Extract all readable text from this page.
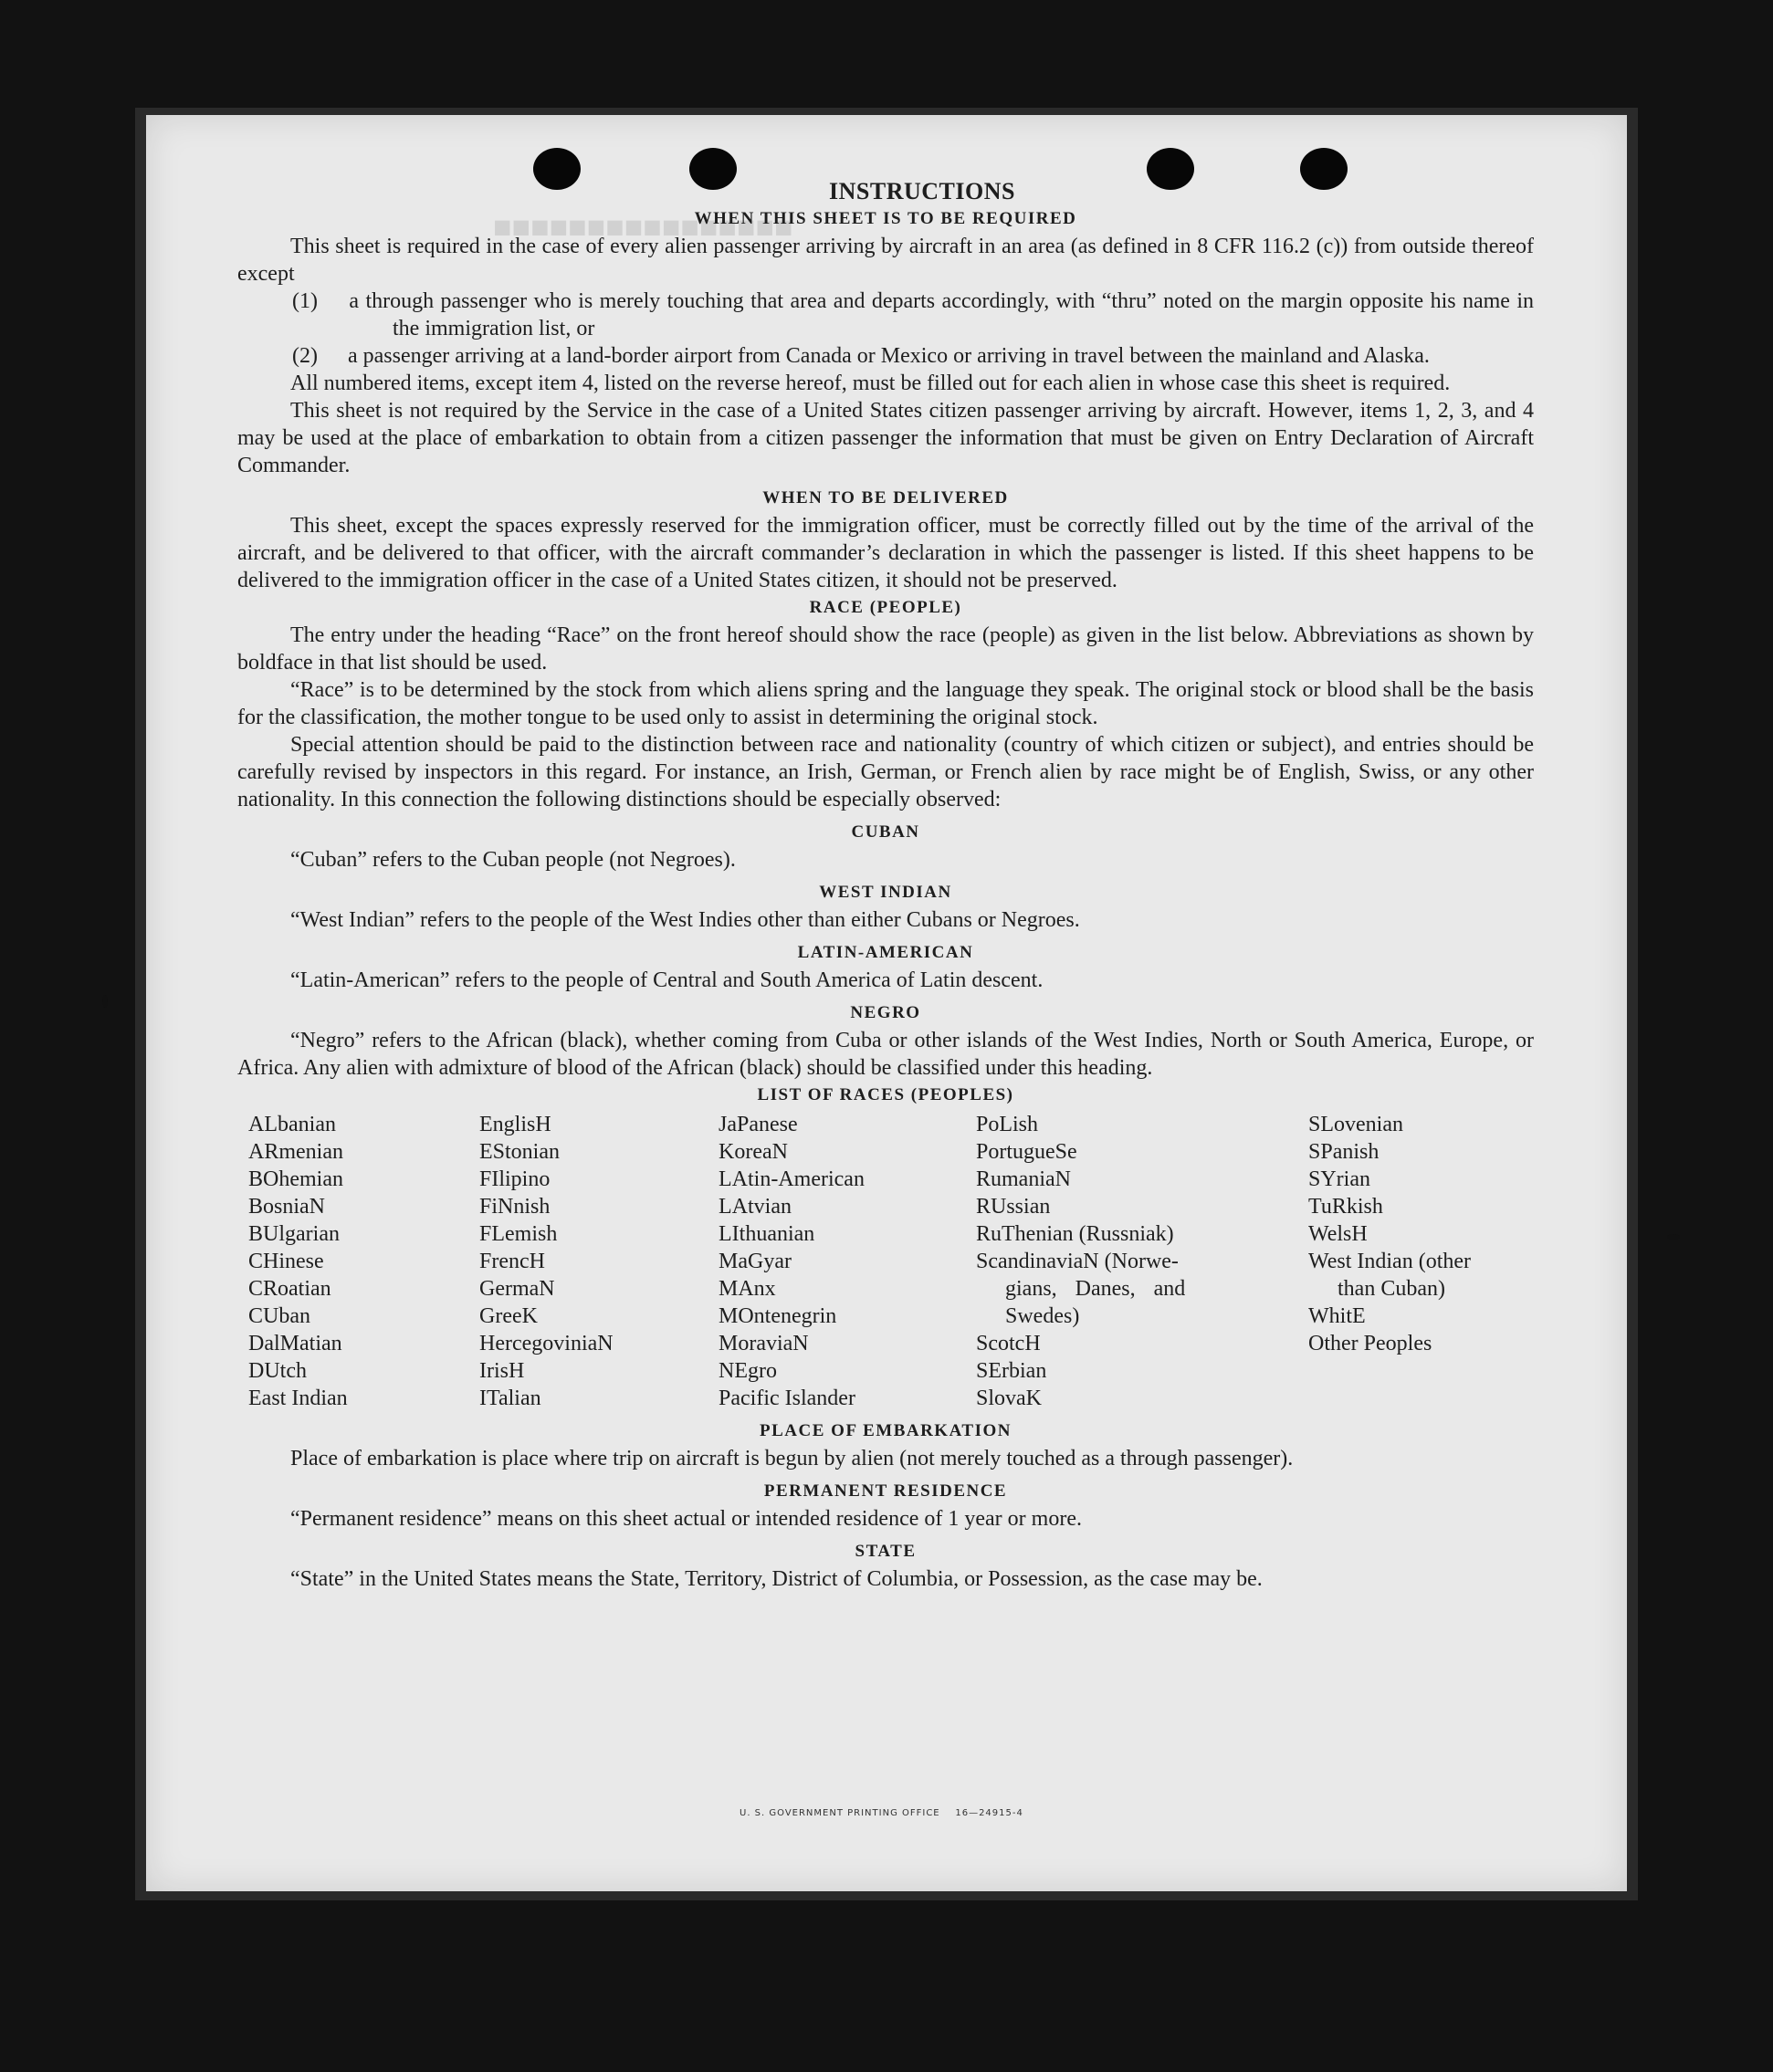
■■■■■■■■■■■■■■■■
INSTRUCTIONS
WHEN THIS SHEET IS TO BE REQUIRED

This sheet is required in the case of every alien passenger arriving by aircraft in an area (as defined in 8 CFR 116.2 (c)) from outside thereof except

(1) a through passenger who is merely touching that area and departs accordingly, with “thru” noted on the margin opposite his name in the immigration list, or
(2) a passenger arriving at a land-border airport from Canada or Mexico or arriving in travel between the mainland and Alaska.

All numbered items, except item 4, listed on the reverse hereof, must be filled out for each alien in whose case this sheet is required.

This sheet is not required by the Service in the case of a United States citizen passenger arriving by aircraft. However, items 1, 2, 3, and 4 may be used at the place of embarkation to obtain from a citizen passenger the information that must be given on Entry Declaration of Aircraft Commander.

WHEN TO BE DELIVERED

This sheet, except the spaces expressly reserved for the immigration officer, must be correctly filled out by the time of the arrival of the aircraft, and be delivered to that officer, with the aircraft commander’s declaration in which the passenger is listed. If this sheet happens to be delivered to the immigration officer in the case of a United States citizen, it should not be preserved.

RACE (PEOPLE)

The entry under the heading “Race” on the front hereof should show the race (people) as given in the list below. Abbreviations as shown by boldface in that list should be used.

“Race” is to be determined by the stock from which aliens spring and the language they speak. The original stock or blood shall be the basis for the classification, the mother tongue to be used only to assist in determining the original stock.

Special attention should be paid to the distinction between race and nationality (country of which citizen or subject), and entries should be carefully revised by inspectors in this regard. For instance, an Irish, German, or French alien by race might be of English, Swiss, or any other nationality. In this connection the following distinctions should be especially observed:

CUBAN

“Cuban” refers to the Cuban people (not Negroes).

WEST INDIAN

“West Indian” refers to the people of the West Indies other than either Cubans or Negroes.

LATIN-AMERICAN

“Latin-American” refers to the people of Central and South America of Latin descent.

NEGRO

“Negro” refers to the African (black), whether coming from Cuba or other islands of the West Indies, North or South America, Europe, or Africa. Any alien with admixture of blood of the African (black) should be classified under this heading.

LIST OF RACES (PEOPLES)
ALbanian
ARmenian
BOhemian
BosniaN
BUlgarian
CHinese
CRoatian
CUban
DalMatian
DUtch
East Indian
EnglisH
EStonian
FIlipino
FiNnish
FLemish
FrencH
GermaN
GreeK
HercegoviniaN
IrisH
ITalian
JaPanese
KoreaN
LAtin-American
LAtvian
LIthuanian
MaGyar
MAnx
MOntenegrin
MoraviaN
NEgro
Pacific Islander
PoLish
PortugueSe
RumaniaN
RUssian
RuThenian (Russniak)
ScandinaviaN (Norwe-
gians, Danes, and
Swedes)
ScotcH
SErbian
SlovaK
SLovenian
SPanish
SYrian
TuRkish
WelsH
West Indian (other
than Cuban)
WhitE
Other Peoples
PLACE OF EMBARKATION

Place of embarkation is place where trip on aircraft is begun by alien (not merely touched as a through passenger).

PERMANENT RESIDENCE

“Permanent residence” means on this sheet actual or intended residence of 1 year or more.

STATE

“State” in the United States means the State, Territory, District of Columbia, or Possession, as the case may be.

U. S. GOVERNMENT PRINTING OFFICE    16—24915-4
